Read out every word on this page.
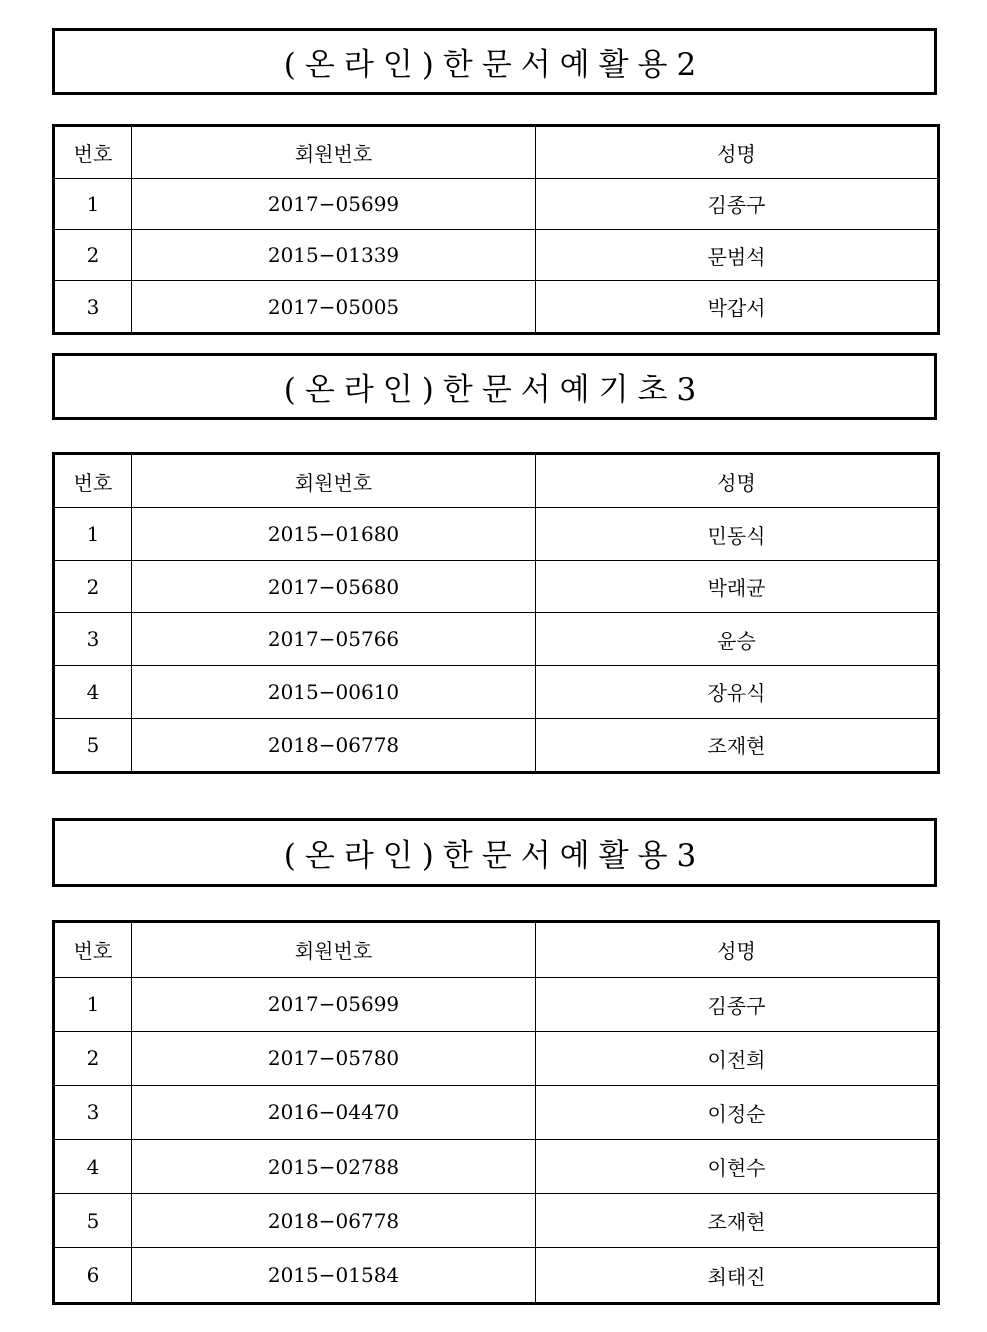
(온라인)한문서예활용2
번호	회원번호	성명
1	2017−05699	김종구
2	2015−01339	문범석
3	2017−05005	박갑서
(온라인)한문서예기초3
번호	회원번호	성명
1	2015−01680	민동식
2	2017−05680	박래균
3	2017−05766	윤승
4	2015−00610	장유식
5	2018−06778	조재현
(온라인)한문서예활용3
번호	회원번호	성명
1	2017−05699	김종구
2	2017−05780	이전희
3	2016−04470	이정순
4	2015−02788	이현수
5	2018−06778	조재현
6	2015−01584	최태진
